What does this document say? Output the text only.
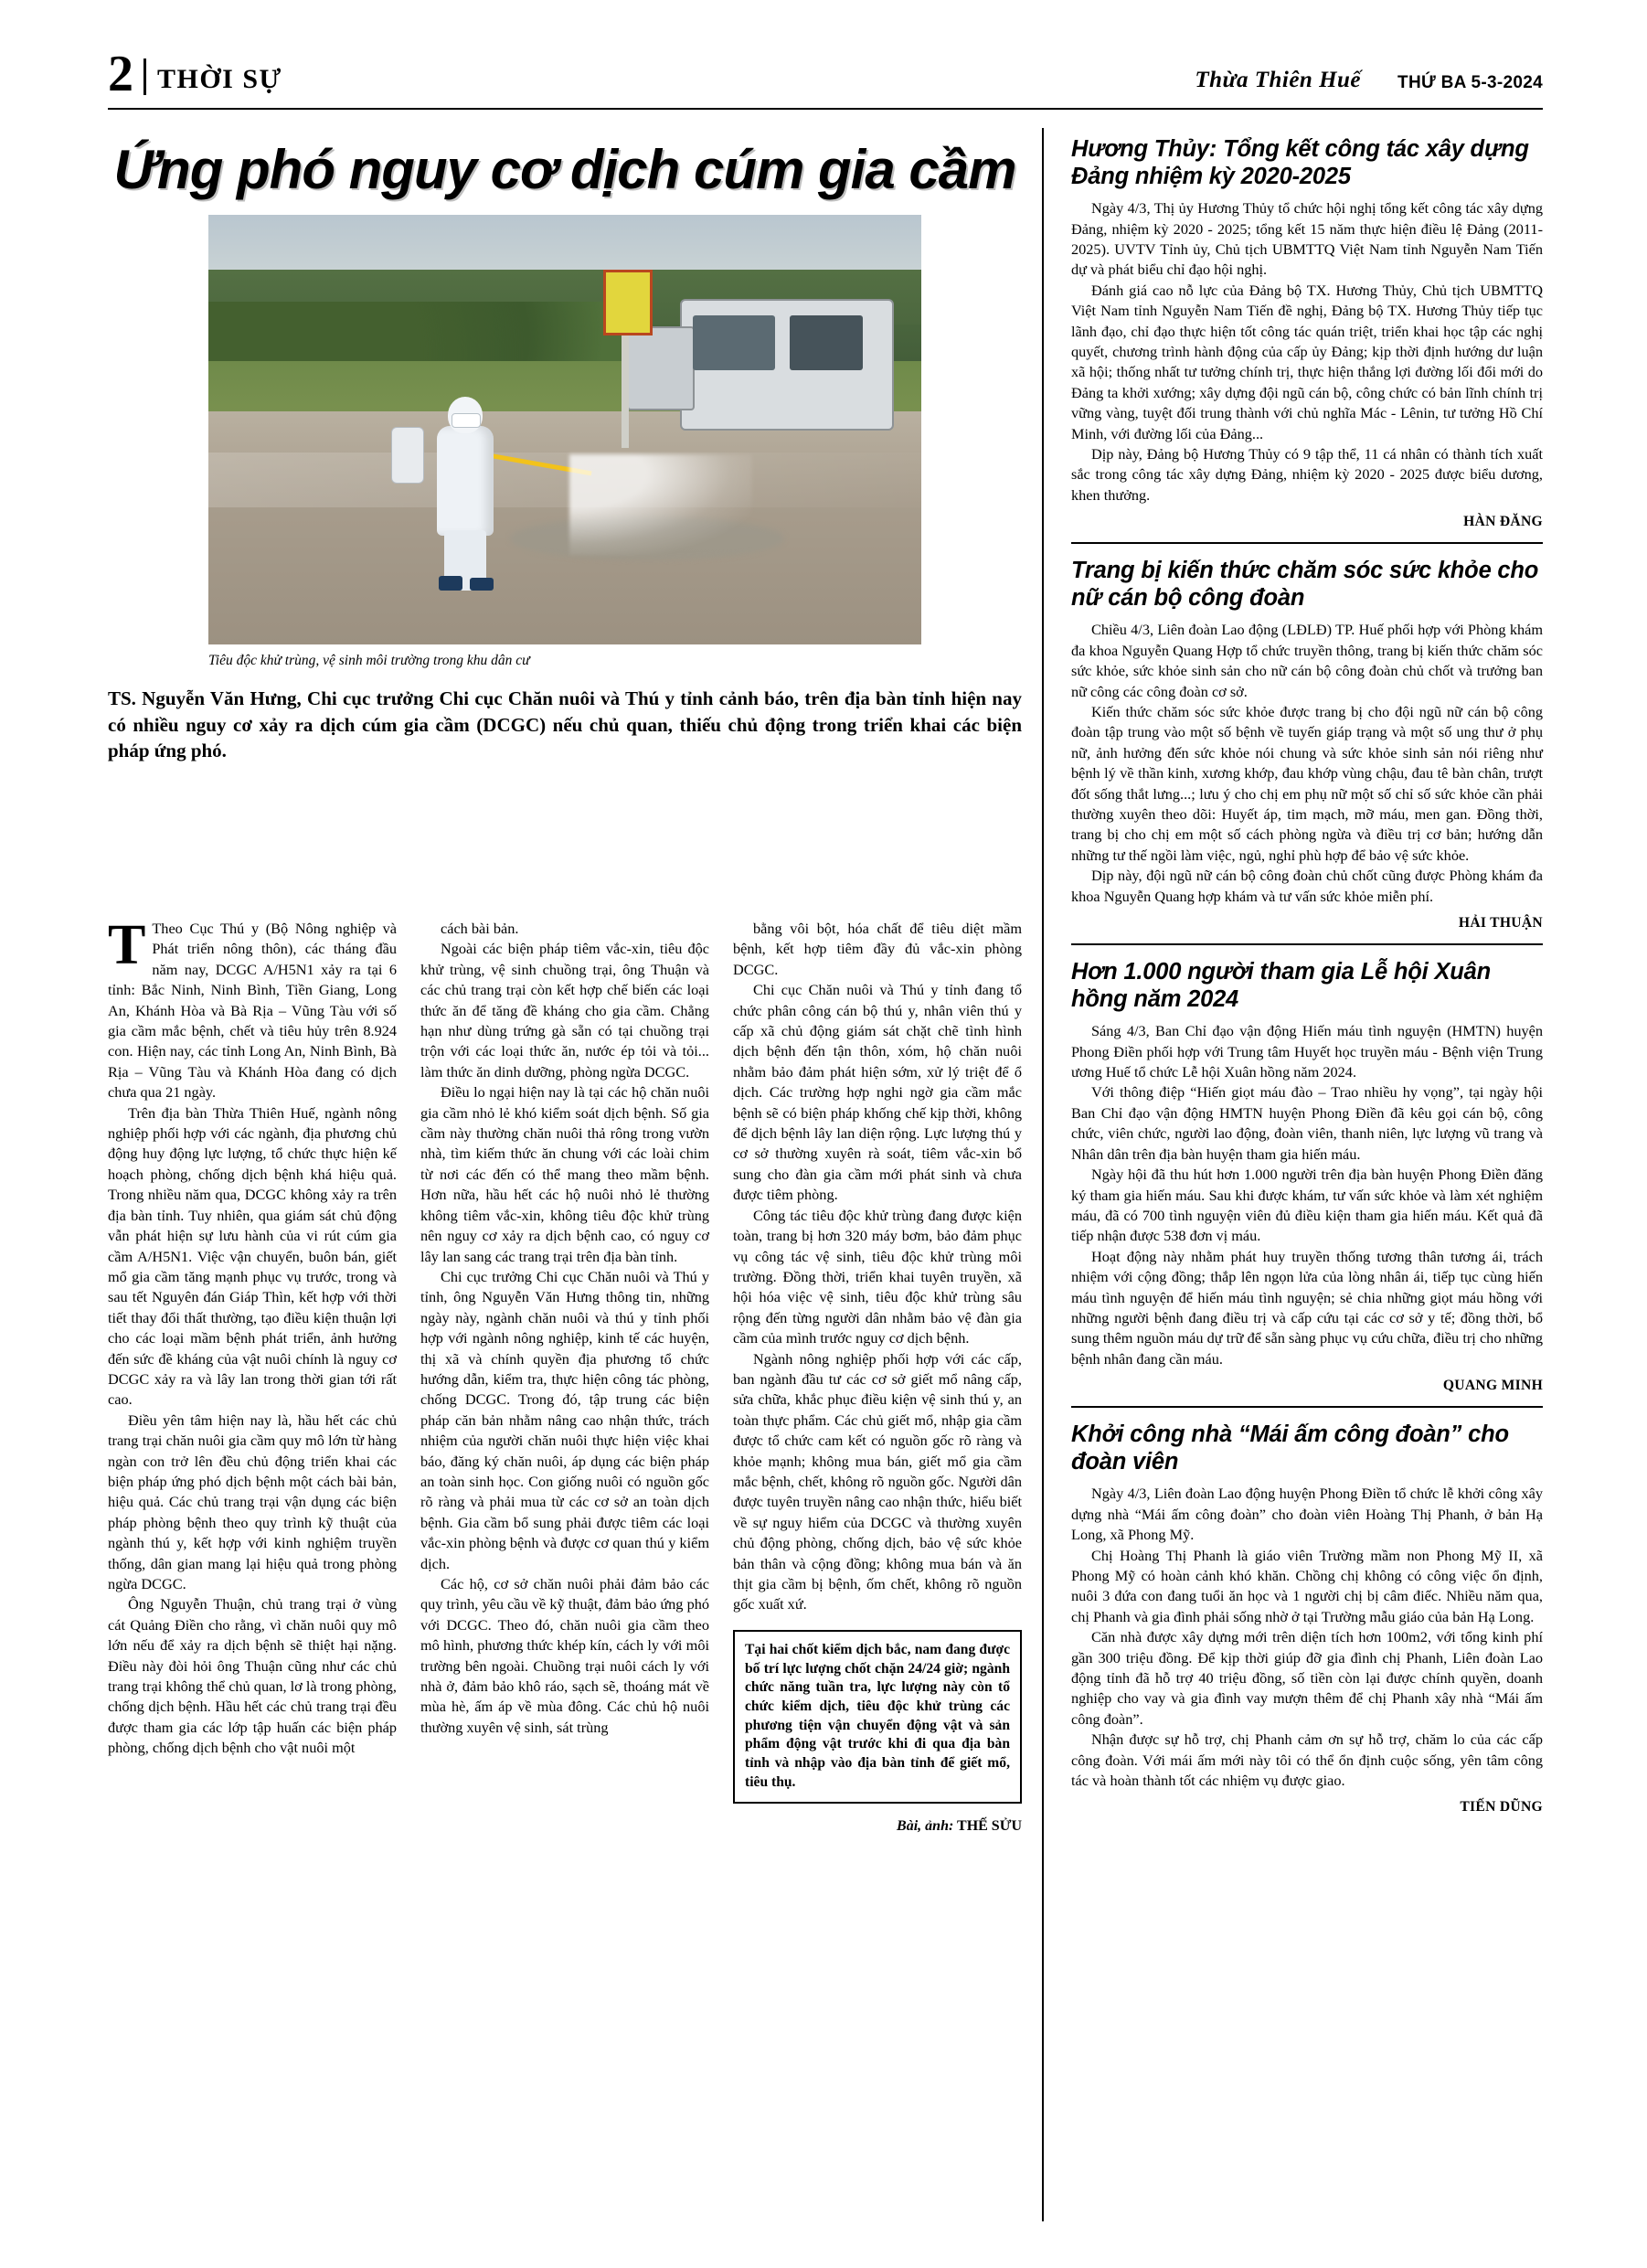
2 THỜI SỰ	Thừa Thiên Huế THỨ BA 5-3-2024
Ứng phó nguy cơ dịch cúm gia cầm
Tiêu độc khử trùng, vệ sinh môi trường trong khu dân cư
TS. Nguyễn Văn Hưng, Chi cục trưởng Chi cục Chăn nuôi và Thú y tỉnh cảnh báo, trên địa bàn tỉnh hiện nay có nhiều nguy cơ xảy ra dịch cúm gia cầm (DCGC) nếu chủ quan, thiếu chủ động trong triển khai các biện pháp ứng phó.

T Theo Cục Thú y (Bộ Nông nghiệp và Phát triển nông thôn), các tháng đầu năm nay, DCGC A/H5N1 xảy ra tại 6 tỉnh: Bắc Ninh, Ninh Bình, Tiền Giang, Long An, Khánh Hòa và Bà Rịa – Vũng Tàu với số gia cầm mắc bệnh, chết và tiêu hủy trên 8.924 con. Hiện nay, các tỉnh Long An, Ninh Bình, Bà Rịa – Vũng Tàu và Khánh Hòa đang có dịch chưa qua 21 ngày.

Trên địa bàn Thừa Thiên Huế, ngành nông nghiệp phối hợp với các ngành, địa phương chủ động huy động lực lượng, tổ chức thực hiện kế hoạch phòng, chống dịch bệnh khá hiệu quả. Trong nhiều năm qua, DCGC không xảy ra trên địa bàn tỉnh. Tuy nhiên, qua giám sát chủ động vẫn phát hiện sự lưu hành của vi rút cúm gia cầm A/H5N1. Việc vận chuyển, buôn bán, giết mổ gia cầm tăng mạnh phục vụ trước, trong và sau tết Nguyên đán Giáp Thìn, kết hợp với thời tiết thay đổi thất thường, tạo điều kiện thuận lợi cho các loại mầm bệnh phát triển, ảnh hưởng đến sức đề kháng của vật nuôi chính là nguy cơ DCGC xảy ra và lây lan trong thời gian tới rất cao.

Điều yên tâm hiện nay là, hầu hết các chủ trang trại chăn nuôi gia cầm quy mô lớn từ hàng ngàn con trở lên đều chủ động triển khai các biện pháp ứng phó dịch bệnh một cách bài bản, hiệu quả. Các chủ trang trại vận dụng các biện pháp phòng bệnh theo quy trình kỹ thuật của ngành thú y, kết hợp với kinh nghiệm truyền thống, dân gian mang lại hiệu quả trong phòng ngừa DCGC.

Ông Nguyễn Thuận, chủ trang trại ở vùng cát Quảng Điền cho rằng, vì chăn nuôi quy mô lớn nếu để xảy ra dịch bệnh sẽ thiệt hại nặng. Điều này đòi hỏi ông Thuận cũng như các chủ trang trại không thể chủ quan, lơ là trong phòng, chống dịch bệnh. Hầu hết các chủ trang trại đều được tham gia các lớp tập huấn các biện pháp phòng, chống dịch bệnh cho vật nuôi một

cách bài bản.

Ngoài các biện pháp tiêm vắc-xin, tiêu độc khử trùng, vệ sinh chuồng trại, ông Thuận và các chủ trang trại còn kết hợp chế biến các loại thức ăn để tăng đề kháng cho gia cầm. Chẳng hạn như dùng trứng gà sẵn có tại chuồng trại trộn với các loại thức ăn, nước ép tỏi và tỏi... làm thức ăn dinh dưỡng, phòng ngừa DCGC.

Điều lo ngại hiện nay là tại các hộ chăn nuôi gia cầm nhỏ lẻ khó kiểm soát dịch bệnh. Số gia cầm này thường chăn nuôi thả rông trong vườn nhà, tìm kiếm thức ăn chung với các loài chim từ nơi các đến có thể mang theo mầm bệnh. Hơn nữa, hầu hết các hộ nuôi nhỏ lẻ thường không tiêm vắc-xin, không tiêu độc khử trùng nên nguy cơ xảy ra dịch bệnh cao, có nguy cơ lây lan sang các trang trại trên địa bàn tỉnh.

Chi cục trưởng Chi cục Chăn nuôi và Thú y tỉnh, ông Nguyễn Văn Hưng thông tin, những ngày này, ngành chăn nuôi và thú y tỉnh phối hợp với ngành nông nghiệp, kinh tế các huyện, thị xã và chính quyền địa phương tổ chức hướng dẫn, kiểm tra, thực hiện công tác phòng, chống DCGC. Trong đó, tập trung các biện pháp căn bản nhằm nâng cao nhận thức, trách nhiệm của người chăn nuôi thực hiện việc khai báo, đăng ký chăn nuôi, áp dụng các biện pháp an toàn sinh học. Con giống nuôi có nguồn gốc rõ ràng và phải mua từ các cơ sở an toàn dịch bệnh. Gia cầm bổ sung phải được tiêm các loại vắc-xin phòng bệnh và được cơ quan thú y kiểm dịch.

Các hộ, cơ sở chăn nuôi phải đảm bảo các quy trình, yêu cầu về kỹ thuật, đảm bảo ứng phó với DCGC. Theo đó, chăn nuôi gia cầm theo mô hình, phương thức khép kín, cách ly với môi trường bên ngoài. Chuồng trại nuôi cách ly với nhà ở, đảm bảo khô ráo, sạch sẽ, thoáng mát về mùa hè, ấm áp về mùa đông. Các chủ hộ nuôi thường xuyên vệ sinh, sát trùng

bằng vôi bột, hóa chất để tiêu diệt mầm bệnh, kết hợp tiêm đầy đủ vắc-xin phòng DCGC.

Chi cục Chăn nuôi và Thú y tỉnh đang tổ chức phân công cán bộ thú y, nhân viên thú y cấp xã chủ động giám sát chặt chẽ tình hình dịch bệnh đến tận thôn, xóm, hộ chăn nuôi nhằm bảo đảm phát hiện sớm, xử lý triệt để ổ dịch. Các trường hợp nghi ngờ gia cầm mắc bệnh sẽ có biện pháp khống chế kịp thời, không để dịch bệnh lây lan diện rộng. Lực lượng thú y cơ sở thường xuyên rà soát, tiêm vắc-xin bổ sung cho đàn gia cầm mới phát sinh và chưa được tiêm phòng.

Công tác tiêu độc khử trùng đang được kiện toàn, trang bị hơn 320 máy bơm, bảo đảm phục vụ công tác vệ sinh, tiêu độc khử trùng môi trường. Đồng thời, triển khai tuyên truyền, xã hội hóa việc vệ sinh, tiêu độc khử trùng sâu rộng đến từng người dân nhằm bảo vệ đàn gia cầm của mình trước nguy cơ dịch bệnh.

Ngành nông nghiệp phối hợp với các cấp, ban ngành đầu tư các cơ sở giết mổ nâng cấp, sửa chữa, khắc phục điều kiện vệ sinh thú y, an toàn thực phẩm. Các chủ giết mổ, nhập gia cầm được tổ chức cam kết có nguồn gốc rõ ràng và khỏe mạnh; không mua bán, giết mổ gia cầm mắc bệnh, chết, không rõ nguồn gốc. Người dân được tuyên truyền nâng cao nhận thức, hiểu biết về sự nguy hiểm của DCGC và thường xuyên chủ động phòng, chống dịch, bảo vệ sức khỏe bản thân và cộng đồng; không mua bán và ăn thịt gia cầm bị bệnh, ốm chết, không rõ nguồn gốc xuất xứ.

Tại hai chốt kiểm dịch bắc, nam đang được bố trí lực lượng chốt chặn 24/24 giờ; ngành chức năng tuần tra, lực lượng này còn tổ chức kiểm dịch, tiêu độc khử trùng các phương tiện vận chuyển động vật và sản phẩm động vật trước khi đi qua địa bàn tỉnh và nhập vào địa bàn tỉnh để giết mổ, tiêu thụ.
Bài, ảnh: THẾ SỬU
Hương Thủy: Tổng kết công tác xây dựng Đảng nhiệm kỳ 2020-2025

Ngày 4/3, Thị ủy Hương Thủy tổ chức hội nghị tổng kết công tác xây dựng Đảng, nhiệm kỳ 2020 - 2025; tổng kết 15 năm thực hiện điều lệ Đảng (2011-2025). UVTV Tỉnh ủy, Chủ tịch UBMTTQ Việt Nam tỉnh Nguyễn Nam Tiến dự và phát biểu chỉ đạo hội nghị.

Đánh giá cao nỗ lực của Đảng bộ TX. Hương Thủy, Chủ tịch UBMTTQ Việt Nam tỉnh Nguyễn Nam Tiến đề nghị, Đảng bộ TX. Hương Thủy tiếp tục lãnh đạo, chỉ đạo thực hiện tốt công tác quán triệt, triển khai học tập các nghị quyết, chương trình hành động của cấp ủy Đảng; kịp thời định hướng dư luận xã hội; thống nhất tư tưởng chính trị, thực hiện thắng lợi đường lối đổi mới do Đảng ta khởi xướng; xây dựng đội ngũ cán bộ, công chức có bản lĩnh chính trị vững vàng, tuyệt đối trung thành với chủ nghĩa Mác - Lênin, tư tưởng Hồ Chí Minh, với đường lối của Đảng...

Dịp này, Đảng bộ Hương Thủy có 9 tập thể, 11 cá nhân có thành tích xuất sắc trong công tác xây dựng Đảng, nhiệm kỳ 2020 - 2025 được biểu dương, khen thưởng.

HÀN ĐĂNG
Trang bị kiến thức chăm sóc sức khỏe cho nữ cán bộ công đoàn

Chiều 4/3, Liên đoàn Lao động (LĐLĐ) TP. Huế phối hợp với Phòng khám đa khoa Nguyễn Quang Hợp tổ chức truyền thông, trang bị kiến thức chăm sóc sức khỏe, sức khỏe sinh sản cho nữ cán bộ công đoàn chủ chốt và trưởng ban nữ công các công đoàn cơ sở.

Kiến thức chăm sóc sức khỏe được trang bị cho đội ngũ nữ cán bộ công đoàn tập trung vào một số bệnh về tuyến giáp trạng và một số ung thư ở phụ nữ, ảnh hưởng đến sức khỏe nói chung và sức khỏe sinh sản nói riêng như bệnh lý về thần kinh, xương khớp, đau khớp vùng chậu, đau tê bàn chân, trượt đốt sống thắt lưng...; lưu ý cho chị em phụ nữ một số chỉ số sức khỏe cần phải thường xuyên theo dõi: Huyết áp, tim mạch, mỡ máu, men gan. Đồng thời, trang bị cho chị em một số cách phòng ngừa và điều trị cơ bản; hướng dẫn những tư thế ngồi làm việc, ngủ, nghỉ phù hợp để bảo vệ sức khỏe.

Dịp này, đội ngũ nữ cán bộ công đoàn chủ chốt cũng được Phòng khám đa khoa Nguyễn Quang hợp khám và tư vấn sức khỏe miễn phí.

HẢI THUẬN
Hơn 1.000 người tham gia Lễ hội Xuân hồng năm 2024

Sáng 4/3, Ban Chỉ đạo vận động Hiến máu tình nguyện (HMTN) huyện Phong Điền phối hợp với Trung tâm Huyết học truyền máu - Bệnh viện Trung ương Huế tổ chức Lễ hội Xuân hồng năm 2024.

Với thông điệp “Hiến giọt máu đào – Trao nhiều hy vọng”, tại ngày hội Ban Chỉ đạo vận động HMTN huyện Phong Điền đã kêu gọi cán bộ, công chức, viên chức, người lao động, đoàn viên, thanh niên, lực lượng vũ trang và Nhân dân trên địa bàn huyện tham gia hiến máu.

Ngày hội đã thu hút hơn 1.000 người trên địa bàn huyện Phong Điền đăng ký tham gia hiến máu. Sau khi được khám, tư vấn sức khỏe và làm xét nghiệm máu, đã có 700 tình nguyện viên đủ điều kiện tham gia hiến máu. Kết quả đã tiếp nhận được 538 đơn vị máu.

Hoạt động này nhằm phát huy truyền thống tương thân tương ái, trách nhiệm với cộng đồng; thắp lên ngọn lửa của lòng nhân ái, tiếp tục cùng hiến máu tình nguyện để hiến máu tình nguyện; sẻ chia những giọt máu hồng với những người bệnh đang điều trị và cấp cứu tại các cơ sở y tế; đồng thời, bổ sung thêm nguồn máu dự trữ để sẵn sàng phục vụ cứu chữa, điều trị cho những bệnh nhân đang cần máu.

QUANG MINH
Khởi công nhà “Mái ấm công đoàn” cho đoàn viên

Ngày 4/3, Liên đoàn Lao động huyện Phong Điền tổ chức lễ khởi công xây dựng nhà “Mái ấm công đoàn” cho đoàn viên Hoàng Thị Phanh, ở bản Hạ Long, xã Phong Mỹ.

Chị Hoàng Thị Phanh là giáo viên Trường mầm non Phong Mỹ II, xã Phong Mỹ có hoàn cảnh khó khăn. Chồng chị không có công việc ổn định, nuôi 3 đứa con đang tuổi ăn học và 1 người chị bị câm điếc. Nhiều năm qua, chị Phanh và gia đình phải sống nhờ ở tại Trường mẫu giáo của bản Hạ Long.

Căn nhà được xây dựng mới trên diện tích hơn 100m2, với tổng kinh phí gần 300 triệu đồng. Để kịp thời giúp đỡ gia đình chị Phanh, Liên đoàn Lao động tỉnh đã hỗ trợ 40 triệu đồng, số tiền còn lại được chính quyền, doanh nghiệp cho vay và gia đình vay mượn thêm để chị Phanh xây nhà “Mái ấm công đoàn”.

Nhận được sự hỗ trợ, chị Phanh cảm ơn sự hỗ trợ, chăm lo của các cấp công đoàn. Với mái ấm mới này tôi có thể ổn định cuộc sống, yên tâm công tác và hoàn thành tốt các nhiệm vụ được giao.

TIẾN DŨNG
